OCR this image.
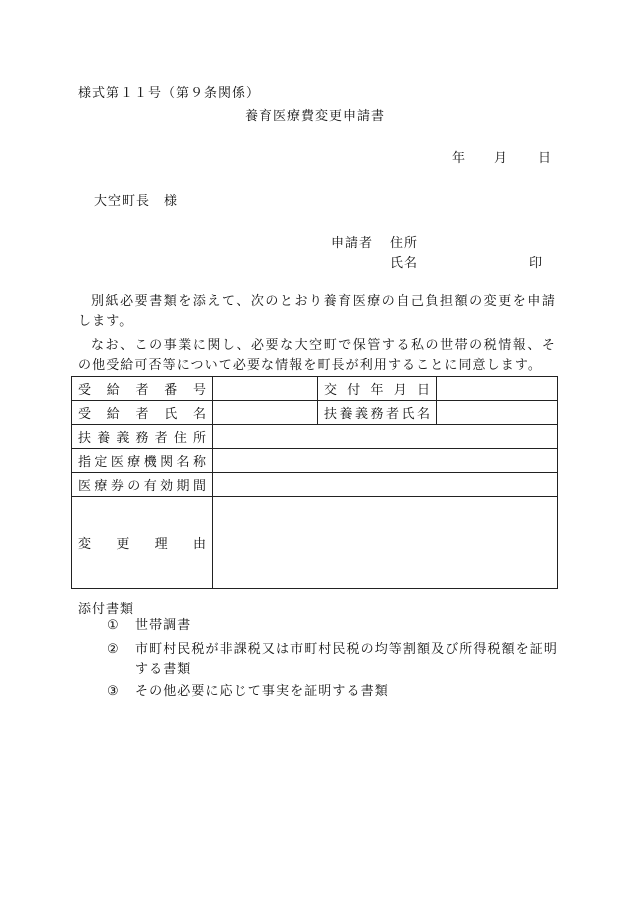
様式第１１号（第９条関係）
養育医療費変更申請書
年 月 日
大空町長　様
申請者 住所
氏名	印
別紙必要書類を添えて、次のとおり養育医療の自己負担額の変更を申請します。
なお、この事業に関し、必要な大空町で保管する私の世帯の税情報、その他受給可否等について必要な情報を町長が利用することに同意します。
受給者番号		交付年月日	
受給者氏名		扶養義務者氏名	
扶養義務者住所			
指定医療機関名称			
医療券の有効期間			
変更理由			
添付書類
① 世帯調書
② 市町村民税が非課税又は市町村民税の均等割額及び所得税額を証明する書類
③ その他必要に応じて事実を証明する書類
